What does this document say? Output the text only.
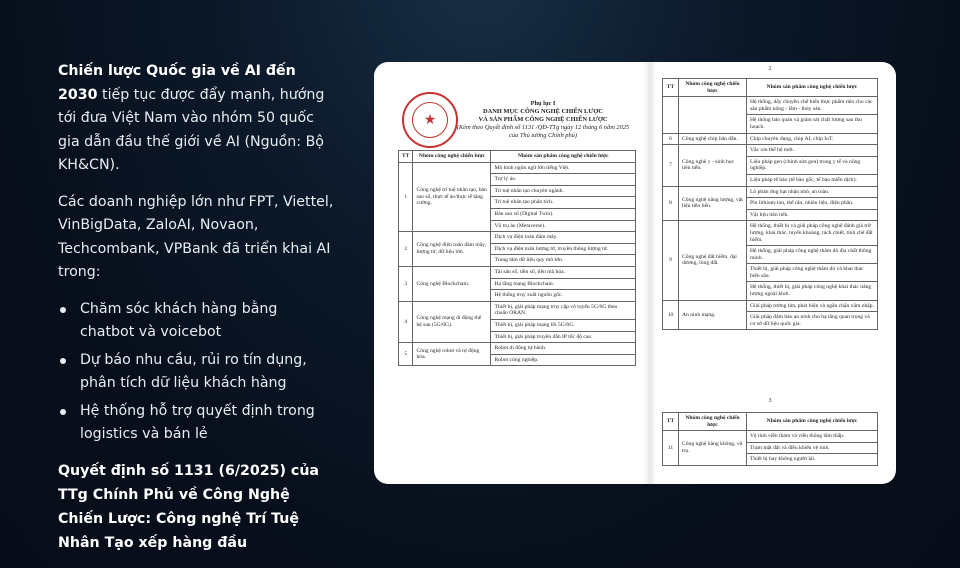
Chiến lược Quốc gia về AI đến 2030 tiếp tục được đẩy mạnh, hướng tới đưa Việt Nam vào nhóm 50 quốc gia dẫn đầu thế giới về AI (Nguồn: Bộ KH&CN).

Các doanh nghiệp lớn như FPT, Viettel, VinBigData, ZaloAI, Novaon, Techcombank, VPBank đã triển khai AI trong:

Chăm sóc khách hàng bằng chatbot và voicebot
Dự báo nhu cầu, rủi ro tín dụng, phân tích dữ liệu khách hàng
Hệ thống hỗ trợ quyết định trong logistics và bán lẻ

Quyết định số 1131 (6/2025) của TTg Chính Phủ về Công Nghệ Chiến Lược: Công nghệ Trí Tuệ Nhân Tạo xếp hàng đầu

★
Phụ lục I
DANH MỤC CÔNG NGHỆ CHIẾN LƯỢC
VÀ SẢN PHẨM CÔNG NGHỆ CHIẾN LƯỢC
(Kèm theo Quyết định số 1131 /QĐ-TTg ngày 12 tháng 6 năm 2025
của Thủ tướng Chính phủ)
TT	Nhóm công nghệ chiến lược	Nhóm sản phẩm công nghệ chiến lược
1	Công nghệ trí tuệ nhân tạo, bản sao số, thực tế ảo/thực tế tăng cường.	Mô hình ngôn ngữ lớn tiếng Việt.
		Trợ lý ảo.
		Trí tuệ nhân tạo chuyên ngành.
		Trí tuệ nhân tạo phân tích.
		Bản sao số (Digital Twin).
		Vũ trụ ảo (Metaverse).
2	Công nghệ điện toán đám mây, lượng tử, dữ liệu lớn.	Dịch vụ điện toán đám mây.
		Dịch vụ điện toán lượng tử, truyền thông lượng tử.
		Trung tâm dữ liệu quy mô lớn.
3	Công nghệ Blockchain.	Tài sản số, tiền số, tiền mã hóa.
		Hạ tầng mạng Blockchain.
		Hệ thống truy xuất nguồn gốc.
4	Công nghệ mạng di động thế hệ sau (5G/6G).	Thiết bị, giải pháp mạng truy cập vô tuyến 5G/6G theo chuẩn ORAN.
		Thiết bị, giải pháp mạng lõi 5G/6G.
		Thiết bị, giải pháp truyền dẫn IP tốc độ cao.
5	Công nghệ robot và tự động hóa.	Robot di động tự hành.
		Robot công nghiệp.
2
TT	Nhóm công nghệ chiến lược	Nhóm sản phẩm công nghệ chiến lược
		Hệ thống, dây chuyền chế biến thực phẩm tiên cho các sản phẩm nông - lâm - thủy sản.
		Hệ thống bảo quản và giám sát chất lượng sau thu hoạch.
6	Công nghệ chip bán dẫn.	Chip chuyên dụng, chip AI, chip IoT.
7	Công nghệ y - sinh học tiên tiến.	Vắc xin thế hệ mới.
		Liệu pháp gen (chỉnh sửa gen) trong y tế và nông nghiệp.
		Liệu pháp tế bào (tế bào gốc, tế bào miễn dịch).
8	Công nghệ năng lượng, vật liệu tiên tiến.	Lò phản ứng hạt nhân nhỏ, an toàn.
		Pin lithium-ion, thể rắn, nhiên liệu, điện phân.
		Vật liệu tiên tiến.
9	Công nghệ đất hiếm, đại dương, lòng đất.	Hệ thống, thiết bị và giải pháp công nghệ đánh giá trữ lượng, khai thác, tuyển khoáng, tách chiết, tinh chế đất hiếm.
		Hệ thống, giải pháp công nghệ thăm dò địa chất thông minh.
		Thiết bị, giải pháp công nghệ thăm dò và khai thác biển sâu.
		Hệ thống, thiết bị, giải pháp công nghệ khai thác năng lượng ngoài khơi.
10	An ninh mạng.	Giải pháp tường lửa, phát hiện và ngăn chặn xâm nhập.
		Giải pháp đảm bảo an ninh cho hạ tầng quan trọng và cơ sở dữ liệu quốc gia.
3
TT	Nhóm công nghệ chiến lược	Nhóm sản phẩm công nghệ chiến lược
11	Công nghệ hàng không, vũ trụ.	Vệ tinh viễn thám và viễn thông tầm thấp.
		Trạm mặt đất và điều khiển vệ tinh.
		Thiết bị bay không người lái.
